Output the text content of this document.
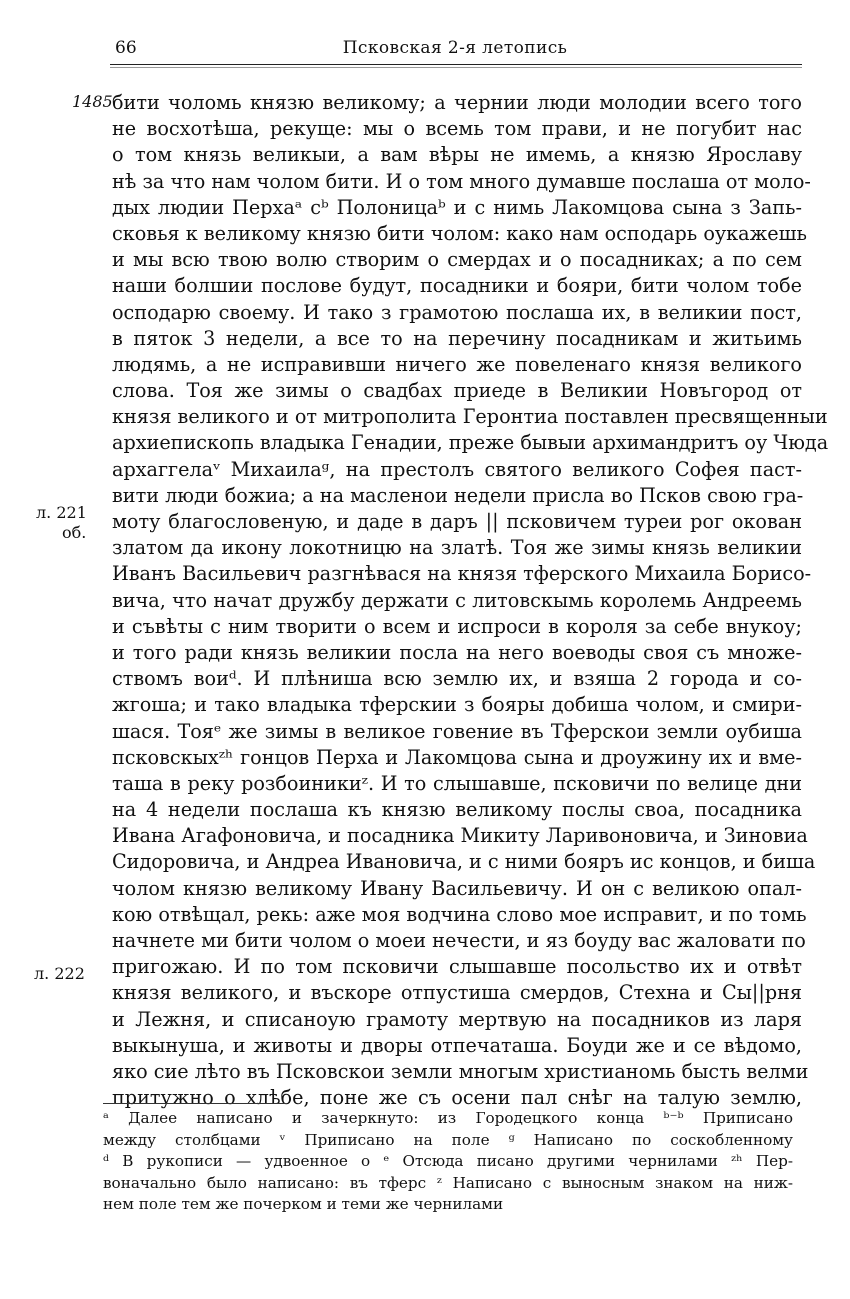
66	Псковская 2-я летопись
1485
л. 221
об.
л. 222
бити чоломь князю великому; а чернии люди молодии всего того
не восхотѣша, рекуще: мы о всемь том прави, и не погубит нас
о том князь великыи, а вам вѣры не имемь, а князю Ярославу
нѣ за что нам чолом бити. И о том много думавше послаша от моло-
дых людии Перхаᵃ сᵇ Полоницаᵇ и с нимь Лакомцова сына з Запь-
сковья к великому князю бити чолом: како нам осподарь оукажешь
и мы всю твою волю створим о смердах и о посадниках; а по сем
наши болшии послове будут, посадники и бояри, бити чолом тобе
осподарю своему. И тако з грамотою послаша их, в великии пост,
в пяток 3 недели, а все то на перечину посадникам и житьимь
людямь, а не исправивши ничего же повеленаго князя великого
слова. Тоя же зимы о свадбах приеде в Великии Новъгород от
князя великого и от митрополита Геронтиа поставлен пресвященныи
архиепископь владыка Генадии, преже бывыи архимандритъ оу Чюда
архаггелаᵛ Михаилаᵍ, на престолъ святого великого Софея паст-
вити люди божиа; а на масленои недели присла во Псков свою гра-
моту благословеную, и даде в даръ || псковичем туреи рог окован
златом да икону локотницю на златѣ. Тоя же зимы князь великии
Иванъ Васильевич разгнѣвася на князя тферского Михаила Борисо-
вича, что начат дружбу держати с литовскымь королемь Андреемь
и съвѣты с ним творити о всем и испроси в короля за себе внукоу;
и того ради князь великии посла на него воеводы своя съ множе-
ствомъ воиᵈ. И плѣниша всю землю их, и взяша 2 города и со-
жгоша; и тако владыка тферскии з бояры добиша чолом, и смири-
шася. Тояᵉ же зимы в великое говение въ Тферскои земли оубиша
псковскыхᶻʰ гонцов Перха и Лакомцова сына и дроужину их и вме-
таша в реку розбоиникиᶻ. И то слышавше, псковичи по велице дни
на 4 недели послаша къ князю великому послы своа, посадника
Ивана Агафоновича, и посадника Микиту Ларивоновича, и Зиновиа
Сидоровича, и Андреа Ивановича, и с ними бояръ ис концов, и биша
чолом князю великому Ивану Васильевичу. И он с великою опал-
кою отвѣщал, рекь: аже моя водчина слово мое исправит, и по томь
начнете ми бити чолом о моеи нечести, и яз боуду вас жаловати по
пригожаю. И по том псковичи слышавше посольство их и отвѣт
князя великого, и въскоре отпустиша смердов, Стехна и Сы||рня
и Лежня, и списаноую грамоту мертвую на посадников из ларя
выкынуша, и животы и дворы отпечаташа. Боуди же и се вѣдомо,
яко сие лѣто въ Псковскои земли многым христианомь бысть велми
притужно о хлѣбе, поне же съ осени пал снѣг на талую землю,
ᵃ Далее написано и зачеркнуто: из Городецкого конца ᵇ⁻ᵇ Приписано
между столбцами ᵛ Приписано на поле ᵍ Написано по соскобленному
ᵈ В рукописи — удвоенное о ᵉ Отсюда писано другими чернилами ᶻʰ Пер-
воначально было написано: въ тферс ᶻ Написано с выносным знаком на ниж-
нем поле тем же почерком и теми же чернилами
